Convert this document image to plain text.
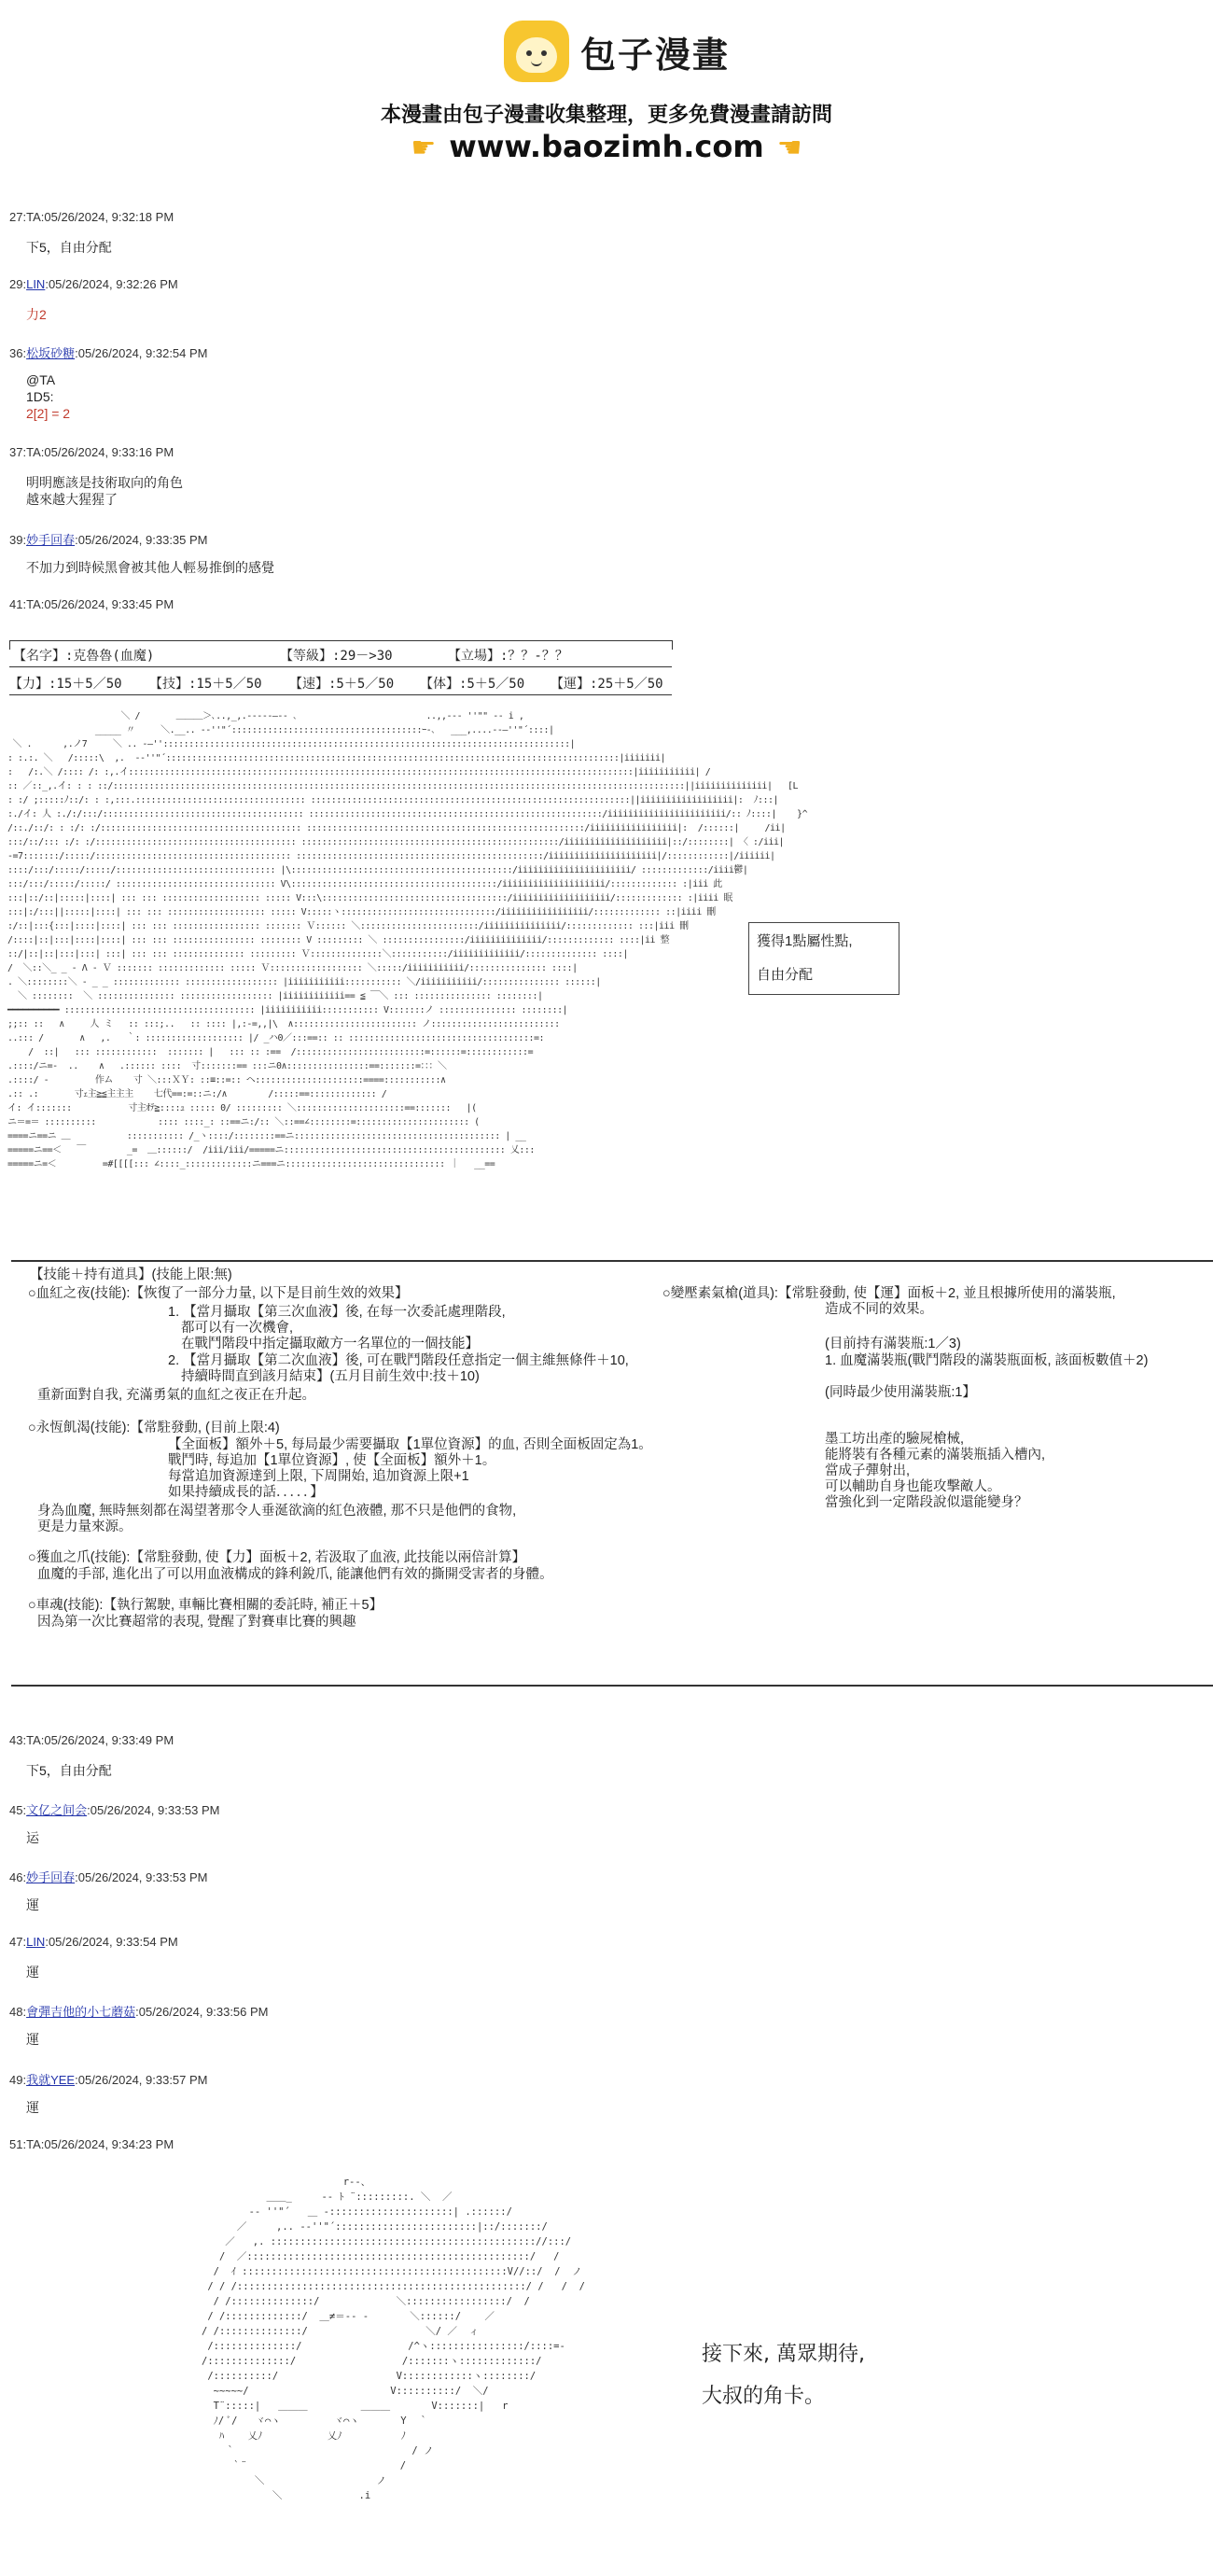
包子漫畫
本漫畫由包子漫畫收集整理，更多免費漫畫請訪問
☛ www.baozimh.com ☚
27:TA:05/26/2024, 9:32:18 PM
下5，自由分配
29:LIN:05/26/2024, 9:32:26 PM
力2
36:松坂砂糖:05/26/2024, 9:32:54 PM
@TA
1D5:
2[2] = 2
37:TA:05/26/2024, 9:33:16 PM
明明應該是技術取向的角色
越來越大猩猩了
39:妙手回春:05/26/2024, 9:33:35 PM
不加力到時候黑會被其他人輕易推倒的感覺
41:TA:05/26/2024, 9:33:45 PM
43:TA:05/26/2024, 9:33:49 PM
下5，自由分配
45:文亿之间会:05/26/2024, 9:33:53 PM
运
46:妙手回春:05/26/2024, 9:33:53 PM
運
47:LIN:05/26/2024, 9:33:54 PM
運
48:會彈吉他的小七蘑菇:05/26/2024, 9:33:56 PM
運
49:我就YEE:05/26/2024, 9:33:57 PM
運
51:TA:05/26/2024, 9:34:23 PM
【名字】:克魯魯(血魔)	【等級】:29－>30	【立場】:？？-？？
【力】:15＋5／50 【技】:15＋5／50 【速】:5＋5／50 【体】:5＋5／50 【運】:25＋5／50
＼ /       ＿＿＿＞､..,_,.--‐--―-- ､                         ..,,--‐ ''"" -- i ,
_____ 〃     ＼.__.. -‐''"´:::::::::::::::::::::::::::::::::::::ｰ-､   ___,....--―''"´::::|
＼ .      ,.ノ7     ＼ .. -―'':::::::::::::::::::::::::::::::::::::::::::::::::::::::::::::::::::::::::::::::|
: :.:. ＼   /:::::\  ,.  -‐''"´::::::::::::::::::::::::::::::::::::::::::::::::::::::::::::::::::::::::::::::::::::::::|iiiiiii|
:   /:.＼ /:::: /: :,.イ::::::::::::::::::::::::::::::::::::::::::::::::::::::::::::::::::::::::::::::::::::::::::::::::::|iiiiiiiiiii| /
:: ／::_,.イ: : : ::/:::::::::::::::::::::::::::::::::::::::::::::::::::::::::::::::::::::::::::::::::::::::::::::::::::::::::::::::||iiiiiiiiiiiiii|   [L
: :/ ;:::::ﾉ::/: : :,:::.::::::::::::::::::::::::::::::::: ::::::::::::::::::::::::::::::::::::::::::::::::::::::::::::::||iiiiiiiiiiiiiiiiii|:  ﾉ:::|
:./イ: 人 :./:/:::/::::::::::::::::::::::::::::::::::::::: :::::::::::::::::::::::::::::::::::::::::::::::::::::::::/iiiiiiiiiiiiiiiiiiiiiii/:: ﾉ::::|    }^
/::./::/: : :/: :/::::::::::::::::::::::::::::::::::::::: ::::::::::::::::::::::::::::::::::::::::::::::::::::::/iiiiiiiiiiiiiiiii|:  /::::::|     /ii|
:::/::/::: :/: :/::::::::::::::::::::::::::::::::::::::: ::::::::::::::::::::::::::::::::::::::::::::::::::/iiiiiiiiiiiiiiiiiiii|::/::::::::| 〈 :/iii|
-=7:::::::/:::::/:::::::::::::::::::::::::::::::::::::: ::::::::::::::::::::::::::::::::::::::::::::::::/iiiiiiiiiiiiiiiiiiiii|/::::::::::::|/iiiiii|
::::/:::/:::::/:::::/::::::::::::::::::::::::::::::: |\:::::::::::::::::::::::::::::::::::::::::::/iiiiiiiiiiiiiiiiiiiiii/ :::::::::::::/iiii鬱|
:::/:::/:::::/:::::/ ::::::::::::::::::::::::::::::: V\::::::::::::::::::::::::::::::::::::::::/iiiiiiiiiiiiiiiiiiii/::::::::::::: :|iii 此
:::|::/::|:::::|::::| ::: ::: ::::::::::::::::::: ::::: V:::\::::::::::::::::::::::::::::::::::::/iiiiiiiiiiiiiiiiiii/::::::::::::: :|iiii 眠
:::|:/:::||:::::|::::| ::: ::: ::::::::::::::::::: ::::: V:::::ヽ::::::::::::::::::::::::::::::/iiiiiiiiiiiiiiiii/::::::::::::: ::|iiii 刪
:/::|:::{:::|::::|::::| ::: ::: ::::::::::::::::: ::::::: Ｖ:::::: ＼:::::::::::::::::::::::/iiiiiiiiiiiiiii/::::::::::::: :::|iii 刪
/::::|::|:::|::::|::::| ::: ::: :::::::::::::::: :::::::: V ::::::::: ＼ ::::::::::::::::/iiiiiiiiiiiiii/::::::::::::: ::::|ii 整
::/|::|::|:::|:::| :::| ::: ::: :::::::::::::: ::::::::: Ｖ::::::::::::::＼:::::::::::/iiiiiiiiiiiii/:::::::::::::: ::::|
/  ＼::＼_ _ - Λ - Ｖ ::::::: ::::::::::::: ::::: Ｖ:::::::::::::::::: ＼:::::/iiiiiiiiiii/::::::::::::::: ::::|
. ＼::::::::＼ - _ _ ::::::::::::: :::::::::::::::::: |iiiiiiiiiii::::::::::: ＼/iiiiiiiiiii/::::::::::::::: ::::::|
＼ ::::::::  ＼ ::::::::::::::: :::::::::::::::::: |iiiiiiiiiiii== ≦ ￣＼ ::: ::::::::::::::: ::::::::|
━━━━━━━━━━ ::::::::::::::::::::::::::::::::::::: |iiiiiiiiiii::::::::::: V:::::::ノ ::::::::::::::: ::::::::|
;;:: ::   ∧     人 ミ   :: :::;..   :: :::: |,:-=,,|\  ∧:::::::::::::::::::::::: ノ:::::::::::::::::::::::::
..::: /       ∧   ,.   ｀: ::::::::::::::::::: |/ _ハ0／:::==:: :: ::::::::::::::::::::::::::::::::::::=:
/  ::|   ::: ::::::::::::  ::::::: |   ::: :: :==  /:::::::::::::::::::::::::=::::::=::::::::::::=
.::::/ニ=-  ..    ∧   .:::::: ::::  寸:::::::== :::ニ0∧::::::::::::::::==:::::::=：：：＼
.::::/ -         作ム    寸 ＼:::ＸＹ: ::≡::=:: ヘ:::::::::::::::::::::====:::::::::::∧
.:: .:       寸ｪ主≧≦主主主    七代==:=::ニ:/∧        /:::::==::::::::::::: /
イ: イ:::::::           寸主ｵﾃ≧::::ｭ ::::: 0/ ::::::::: ＼:::::::::::::::::::::==:::::::   |(
ニ＝=＝ ::::::::::            :::: ::::_: ::==ニ:/:: ＼::==∠::::::::=:::::::::::::::::::::: (
====ニ==ニ ＿           ::::::::::: /_ヽ::::/::::::::==ニ:::::::::::::::::::::::::::::::::::::::: | __
=====ニ==＜   ￣        _=  ＿::::::/  /iii/iii/=====ニ::::::::::::::::::::::::::::::::::::::::::: 乂:::
=====ニ=＜         =#[[[[::: ∠::::_:::::::::::::ニ===ニ::::::::::::::::::::::::::::::: ｜   __==
獲得1點屬性點,
自由分配
【技能＋持有道具】(技能上限:無)
○血紅之夜(技能):【恢復了一部分力量, 以下是目前生效的效果】
1. 【當月攝取【第三次血液】後, 在每一次委託處理階段,
都可以有一次機會,
在戰鬥階段中指定攝取敵方一名單位的一個技能】
2. 【當月攝取【第二次血液】後, 可在戰鬥階段任意指定一個主維無條件＋10,
持續時間直到該月結束】(五月目前生效中:技＋10)
重新面對自我, 充滿勇氣的血紅之夜正在升起。
○永恆飢渴(技能):【常駐發動, (目前上限:4)
【全面板】額外＋5, 每局最少需要攝取【1單位資源】的血, 否則全面板固定為1。
戰鬥時, 每追加【1單位資源】, 使【全面板】額外＋1。
每當追加資源達到上限, 下周開始, 追加資源上限+1
如果持續成長的話．．．．．】
身為血魔, 無時無刻都在渴望著那令人垂涎欲滴的紅色液體, 那不只是他們的食物,
更是力量來源。
○獲血之爪(技能):【常駐發動, 使【力】面板＋2, 若汲取了血液, 此技能以兩倍計算】
血魔的手部, 進化出了可以用血液構成的鋒利銳爪, 能讓他們有效的撕開受害者的身體。
○車魂(技能):【執行駕駛, 車輛比賽相關的委託時, 補正＋5】
因為第一次比賽超常的表現, 覺醒了對賽車比賽的興趣
○變壓素氣槍(道具):【常駐發動, 使【運】面板＋2, 並且根據所使用的滿裝瓶,
造成不同的效果。
(目前持有滿裝瓶:1／3)
1. 血魔滿裝瓶(戰鬥階段的滿裝瓶面板, 該面板數值＋2)
(同時最少使用滿裝瓶:1】
墨工坊出產的驗屍槍械,
能將裝有各種元素的滿裝瓶插入槽內,
當成子彈射出,
可以輔助自身也能攻擊敵人。
當強化到一定階段說似還能變身？
r‐-、
＿＿_     -- ﾄ ¨:::::::::. ＼  ／
-‐ ''"´   ＿ -:::::::::::::::::::::| .::::::/
／     ,.. -‐''"´::::::::::::::::::::::::|::/:::::::/
／   ,. ::::::::::::::::::::::::::::::::::::::::::::://:::/
/  ／::::::::::::::::::::::::::::::::::::::::::::::::/   /
/  ｲ :::::::::::::::::::::::::::::::::::::::::::::V//::/  /  ノ
/ / /:::::::::::::::::::::::::::::::::::::::::::::::::/ /   /  /
/ /::::::::::::::/             ＼:::::::::::::::::/  /
/ /:::::::::::::/  ＿≠＝-- ‐       ＼::::::/    ／
/ /::::::::::::::/                    ＼/ ／  ィ
/::::::::::::::/                  /^ヽ::::::::::::::::/::::=-
/::::::::::::::/                  /:::::::ヽ:::::::::::::/
/::::::::::/                    V::::::::::::ヽ::::::::/
~~~~~/                        V::::::::::/  ＼/
T¨:::::|   ＿＿＿         ＿＿＿       V:::::::|   r
ﾉ/ ﾞ/   ヾ⌒ヽ         ヾ⌒ヽ       Y  ｀
ﾊ    乂ﾉ           乂ﾉ          ﾉ
｀                              / ノ
｀¨                          /
＼                   ノ
＼             .i
接下來, 萬眾期待,
大叔的角卡。
